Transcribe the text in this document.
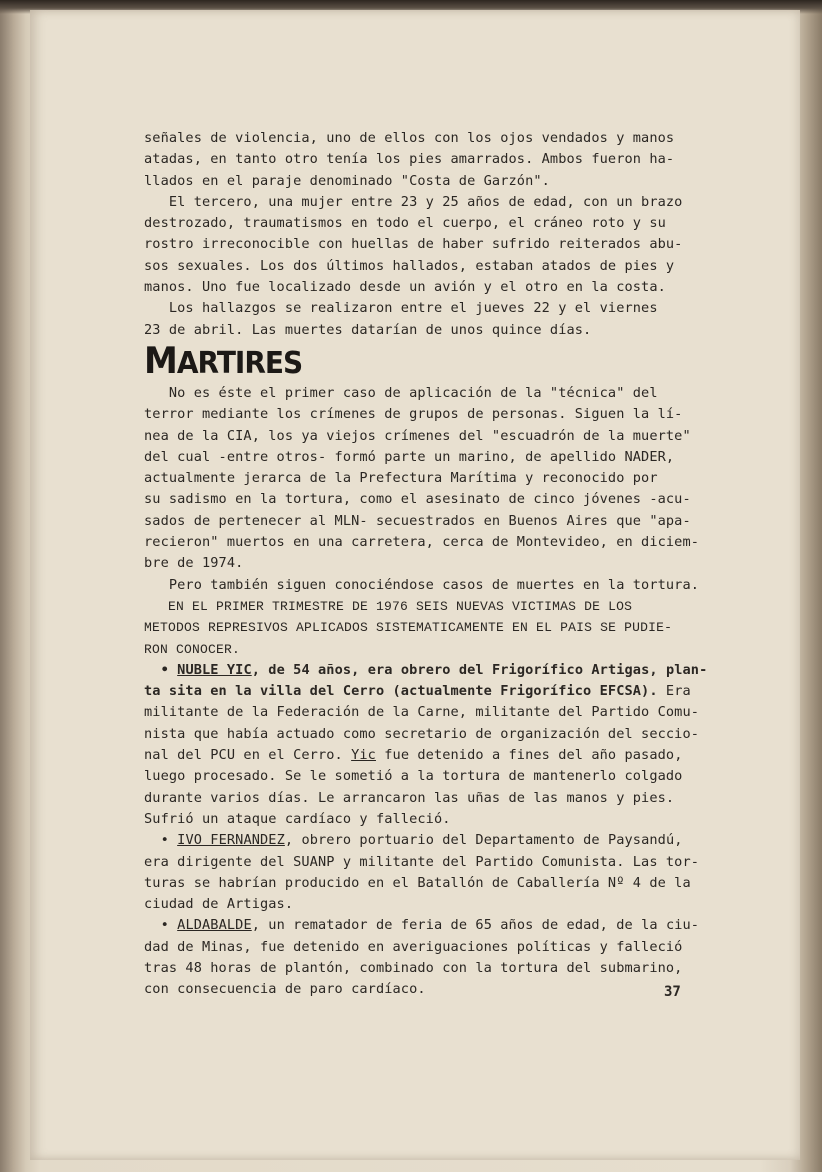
señales de violencia, uno de ellos con los ojos vendados y manos
atadas, en tanto otro tenía los pies amarrados. Ambos fueron ha-
llados en el paraje denominado "Costa de Garzón".
El tercero, una mujer entre 23 y 25 años de edad, con un brazo
destrozado, traumatismos en todo el cuerpo, el cráneo roto y su
rostro irreconocible con huellas de haber sufrido reiterados abu-
sos sexuales. Los dos últimos hallados, estaban atados de pies y
manos. Uno fue localizado desde un avión y el otro en la costa.
Los hallazgos se realizaron entre el jueves 22 y el viernes
23 de abril. Las muertes datarían de unos quince días.
MARTIRES
No es éste el primer caso de aplicación de la "técnica" del
terror mediante los crímenes de grupos de personas. Siguen la lí-
nea de la CIA, los ya viejos crímenes del "escuadrón de la muerte"
del cual -entre otros- formó parte un marino, de apellido NADER,
actualmente jerarca de la Prefectura Marítima y reconocido por
su sadismo en la tortura, como el asesinato de cinco jóvenes -acu-
sados de pertenecer al MLN- secuestrados en Buenos Aires que "apa-
recieron" muertos en una carretera, cerca de Montevideo, en diciem-
bre de 1974.
Pero también siguen conociéndose casos de muertes en la tortura.
EN EL PRIMER TRIMESTRE DE 1976 SEIS NUEVAS VICTIMAS DE LOS
METODOS REPRESIVOS APLICADOS SISTEMATICAMENTE EN EL PAIS SE PUDIE-
RON CONOCER.
• NUBLE YIC, de 54 años, era obrero del Frigorífico Artigas, plan-
ta sita en la villa del Cerro (actualmente Frigorífico EFCSA). Era
militante de la Federación de la Carne, militante del Partido Comu-
nista que había actuado como secretario de organización del seccio-
nal del PCU en el Cerro. Yic fue detenido a fines del año pasado,
luego procesado. Se le sometió a la tortura de mantenerlo colgado
durante varios días. Le arrancaron las uñas de las manos y pies.
Sufrió un ataque cardíaco y falleció.
• IVO FERNANDEZ, obrero portuario del Departamento de Paysandú,
era dirigente del SUANP y militante del Partido Comunista. Las tor-
turas se habrían producido en el Batallón de Caballería Nº 4 de la
ciudad de Artigas.
• ALDABALDE, un rematador de feria de 65 años de edad, de la ciu-
dad de Minas, fue detenido en averiguaciones políticas y falleció
tras 48 horas de plantón, combinado con la tortura del submarino,
con consecuencia de paro cardíaco.	37
